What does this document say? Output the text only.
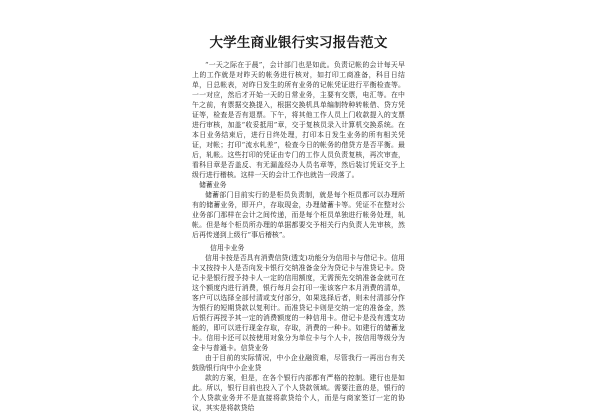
大学生商业银行实习报告范文

“一天之际在于晨”，会计部门也是如此。负责记帐的会计每天早上的工作就是对昨天的帐务进行核对，如打印工商准备，科目日结单，日总帐表，对昨日发生的所有业务的记帐凭证进行平衡检查等。一一对应，然后才开始一天的日常业务，主要有交票，电汇等。在中午之前，有票据交换提入，根据交换机具单编制特种转帐借、贷方凭证等，检查是否有退票。下午，将其他工作人员上门收款提入的支票进行审核，加盖“收妥抵用”章，交于复核员录入计算机交换系统。在本日业务结束后，进行日终处理，打印本日发生业务的所有相关凭证，对帐；打印“流水轧差”，检查今日的帐务的借贷方是否平衡。最后，轧帐。这些打印的凭证由专门的工作人员负责复核，再次审查，看科目章是否盖反、有无漏盖经办人员名章等，然后装订凭证交予上级行进行稽核。这样一天的会计工作也就告一段落了。

储蓄业务

储蓄部门目前实行的是柜员负责制，就是每个柜员都可以办理所有的储蓄业务，即开户，存取现金，办理储蓄卡等。凭证不在整对公业务部门那样在会计之间传递，而是每个柜员单独进行帐务处理，轧帐。但是每个柜员所办理的单据都要交予相关行内负责人先审核，然后再传递到上级行“事后稽核”。

信用卡业务

信用卡按是否具有消费信贷(透支)功能分为信用卡与借记卡。信用卡又按持卡人是否向发卡银行交纳准备金分为贷记卡与准贷记卡。贷记卡是银行授予持卡人一定的信用额度，无需预先交纳准备金就可在这个额度内进行消费，银行每月会打印一张该客户本月消费的清单，客户可以选择全部付清或支付部分，如果选择后者，则未付清部分作为银行的短期贷款以复利计。而准贷记卡则是交纳一定的准备金，然后银行再授予其一定的消费额度的一种信用卡。借记卡是没有透支功能的，即可以进行现金存取，存取，消费的一种卡。如建行的储蓄龙卡。信用卡还可以按使用对象分为单位卡与个人卡，按信用等级分为金卡与普通卡。信贷业务

由于目前的实际情况，中小企业融资难，尽管我行一再出台有关鼓励银行向中小企业贷

款的方案，但是，在各个银行内部都有严格的控制。建行也是如此。所以，银行目前也投入了个人贷款领域。需要注意的是，银行的个人贷款业务并不是直接将款贷给个人，而是与商家签订一定的协议，其实是将款贷给
